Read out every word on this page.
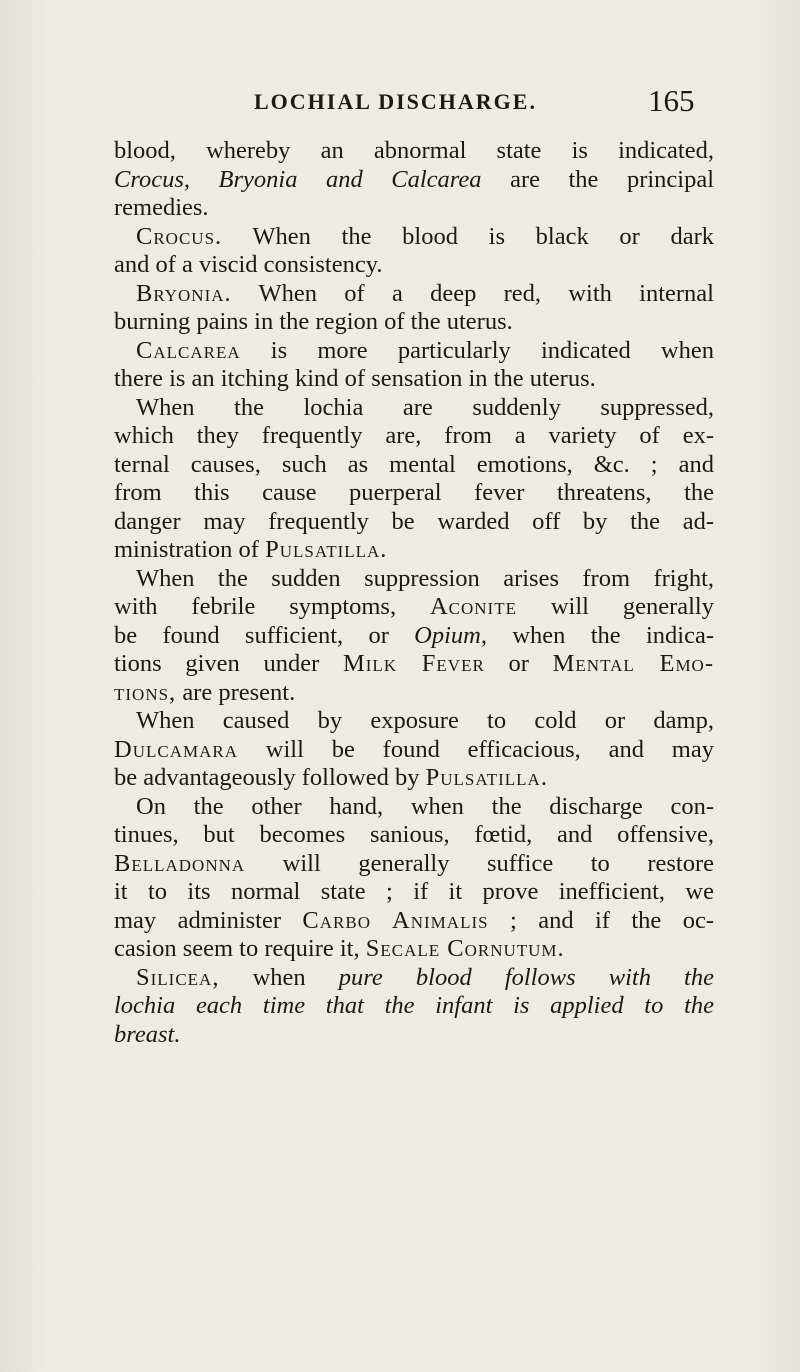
LOCHIAL DISCHARGE.	165
blood, whereby an abnormal state is indicated,
Crocus, Bryonia and Calcarea are the principal
remedies.
Crocus. When the blood is black or dark
and of a viscid consistency.
Bryonia. When of a deep red, with internal
burning pains in the region of the uterus.
Calcarea is more particularly indicated when
there is an itching kind of sensation in the uterus.
When the lochia are suddenly suppressed,
which they frequently are, from a variety of ex-
ternal causes, such as mental emotions, &c. ; and
from this cause puerperal fever threatens, the
danger may frequently be warded off by the ad-
ministration of Pulsatilla.
When the sudden suppression arises from fright,
with febrile symptoms, Aconite will generally
be found sufficient, or Opium, when the indica-
tions given under Milk Fever or Mental Emo-
tions, are present.
When caused by exposure to cold or damp,
Dulcamara will be found efficacious, and may
be advantageously followed by Pulsatilla.
On the other hand, when the discharge con-
tinues, but becomes sanious, fœtid, and offensive,
Belladonna will generally suffice to restore
it to its normal state ; if it prove inefficient, we
may administer Carbo Animalis ; and if the oc-
casion seem to require it, Secale Cornutum.
Silicea, when pure blood follows with the
lochia each time that the infant is applied to the
breast.
